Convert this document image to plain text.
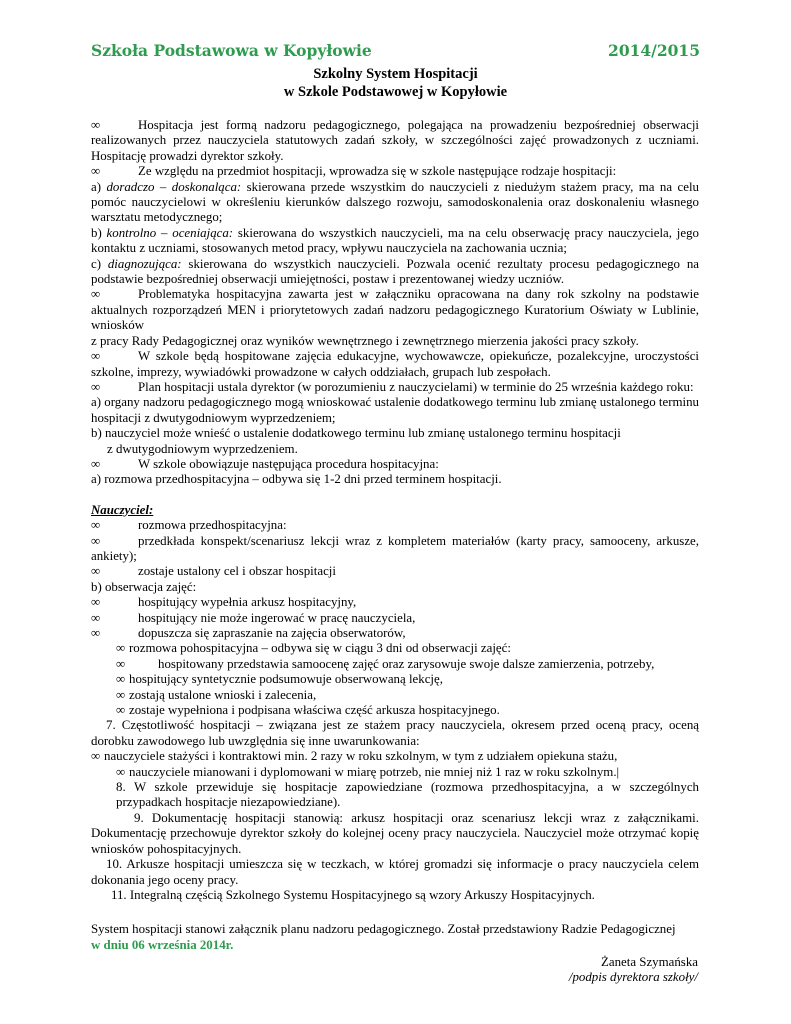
Szkoła Podstawowa w Kopyłowie	2014/2015
Szkolny System Hospitacji
w Szkole Podstawowej w Kopyłowie

∞	Hospitacja jest formą nadzoru pedagogicznego, polegająca na prowadzeniu bezpośredniej obserwacji realizowanych przez nauczyciela statutowych zadań szkoły, w szczególności zajęć prowadzonych z uczniami. Hospitację prowadzi dyrektor szkoły.

∞	Ze względu na przedmiot hospitacji, wprowadza się w szkole następujące rodzaje hospitacji:

a) doradczo – doskonaląca: skierowana przede wszystkim do nauczycieli z niedużym stażem pracy, ma na celu pomóc nauczycielowi w określeniu kierunków dalszego rozwoju, samodoskonalenia oraz doskonaleniu własnego warsztatu metodycznego;

b) kontrolno – oceniająca: skierowana do wszystkich nauczycieli, ma na celu obserwację pracy nauczyciela, jego kontaktu z uczniami, stosowanych metod pracy, wpływu nauczyciela na zachowania ucznia;

c) diagnozująca: skierowana do wszystkich nauczycieli. Pozwala ocenić rezultaty procesu pedagogicznego na podstawie bezpośredniej obserwacji umiejętności, postaw i prezentowanej wiedzy uczniów.

∞	Problematyka hospitacyjna zawarta jest w załączniku opracowana na dany rok szkolny na podstawie aktualnych rozporządzeń MEN i priorytetowych zadań nadzoru pedagogicznego Kuratorium Oświaty w Lublinie, wniosków

z pracy Rady Pedagogicznej oraz wyników wewnętrznego i zewnętrznego mierzenia jakości pracy szkoły.

∞	W szkole będą hospitowane zajęcia edukacyjne, wychowawcze, opiekuńcze, pozalekcyjne, uroczystości szkolne, imprezy, wywiadówki prowadzone w całych oddziałach, grupach lub zespołach.

∞	Plan hospitacji ustala dyrektor (w porozumieniu z nauczycielami) w terminie do 25 września każdego roku:

a) organy nadzoru pedagogicznego mogą wnioskować ustalenie dodatkowego terminu lub zmianę ustalonego terminu hospitacji z dwutygodniowym wyprzedzeniem;

b) nauczyciel może wnieść o ustalenie dodatkowego terminu lub zmianę ustalonego terminu hospitacji

z dwutygodniowym wyprzedzeniem.

∞	W szkole obowiązuje następująca procedura hospitacyjna:

a) rozmowa przedhospitacyjna – odbywa się 1-2 dni przed terminem hospitacji.

Nauczyciel:

∞	rozmowa przedhospitacyjna:

∞	przedkłada konspekt/scenariusz lekcji wraz z kompletem materiałów (karty pracy, samooceny, arkusze, ankiety);

∞	zostaje ustalony cel i obszar hospitacji

b) obserwacja zajęć:

∞	hospitujący wypełnia arkusz hospitacyjny,

∞	hospitujący nie może ingerować w pracę nauczyciela,

∞	dopuszcza się zapraszanie na zajęcia obserwatorów,

∞ rozmowa pohospitacyjna – odbywa się w ciągu 3 dni od obserwacji zajęć:

∞	hospitowany przedstawia samoocenę zajęć oraz zarysowuje swoje dalsze zamierzenia, potrzeby,

∞ hospitujący syntetycznie podsumowuje obserwowaną lekcję,

∞ zostają ustalone wnioski i zalecenia,

∞ zostaje wypełniona i podpisana właściwa część arkusza hospitacyjnego.

7. Częstotliwość hospitacji – związana jest ze stażem pracy nauczyciela, okresem przed oceną pracy, oceną dorobku zawodowego lub uwzględnia się inne uwarunkowania:

∞ nauczyciele stażyści i kontraktowi min. 2 razy w roku szkolnym, w tym z udziałem opiekuna stażu,

∞ nauczyciele mianowani i dyplomowani w miarę potrzeb, nie mniej niż 1 raz w roku szkolnym.|

8. W szkole przewiduje się hospitacje zapowiedziane (rozmowa przedhospitacyjna, a w szczególnych przypadkach hospitacje niezapowiedziane).

9. Dokumentację hospitacji stanowią: arkusz hospitacji oraz scenariusz lekcji wraz z załącznikami. Dokumentację przechowuje dyrektor szkoły do kolejnej oceny pracy nauczyciela. Nauczyciel może otrzymać kopię wniosków pohospitacyjnych.

10. Arkusze hospitacji umieszcza się w teczkach, w której gromadzi się informacje o pracy nauczyciela celem dokonania jego oceny pracy.

11. Integralną częścią Szkolnego Systemu Hospitacyjnego są wzory Arkuszy Hospitacyjnych.

System hospitacji stanowi załącznik planu nadzoru pedagogicznego. Został przedstawiony Radzie Pedagogicznej

w dniu 06 września 2014r.

Żaneta Szymańska
/podpis dyrektora szkoły/
